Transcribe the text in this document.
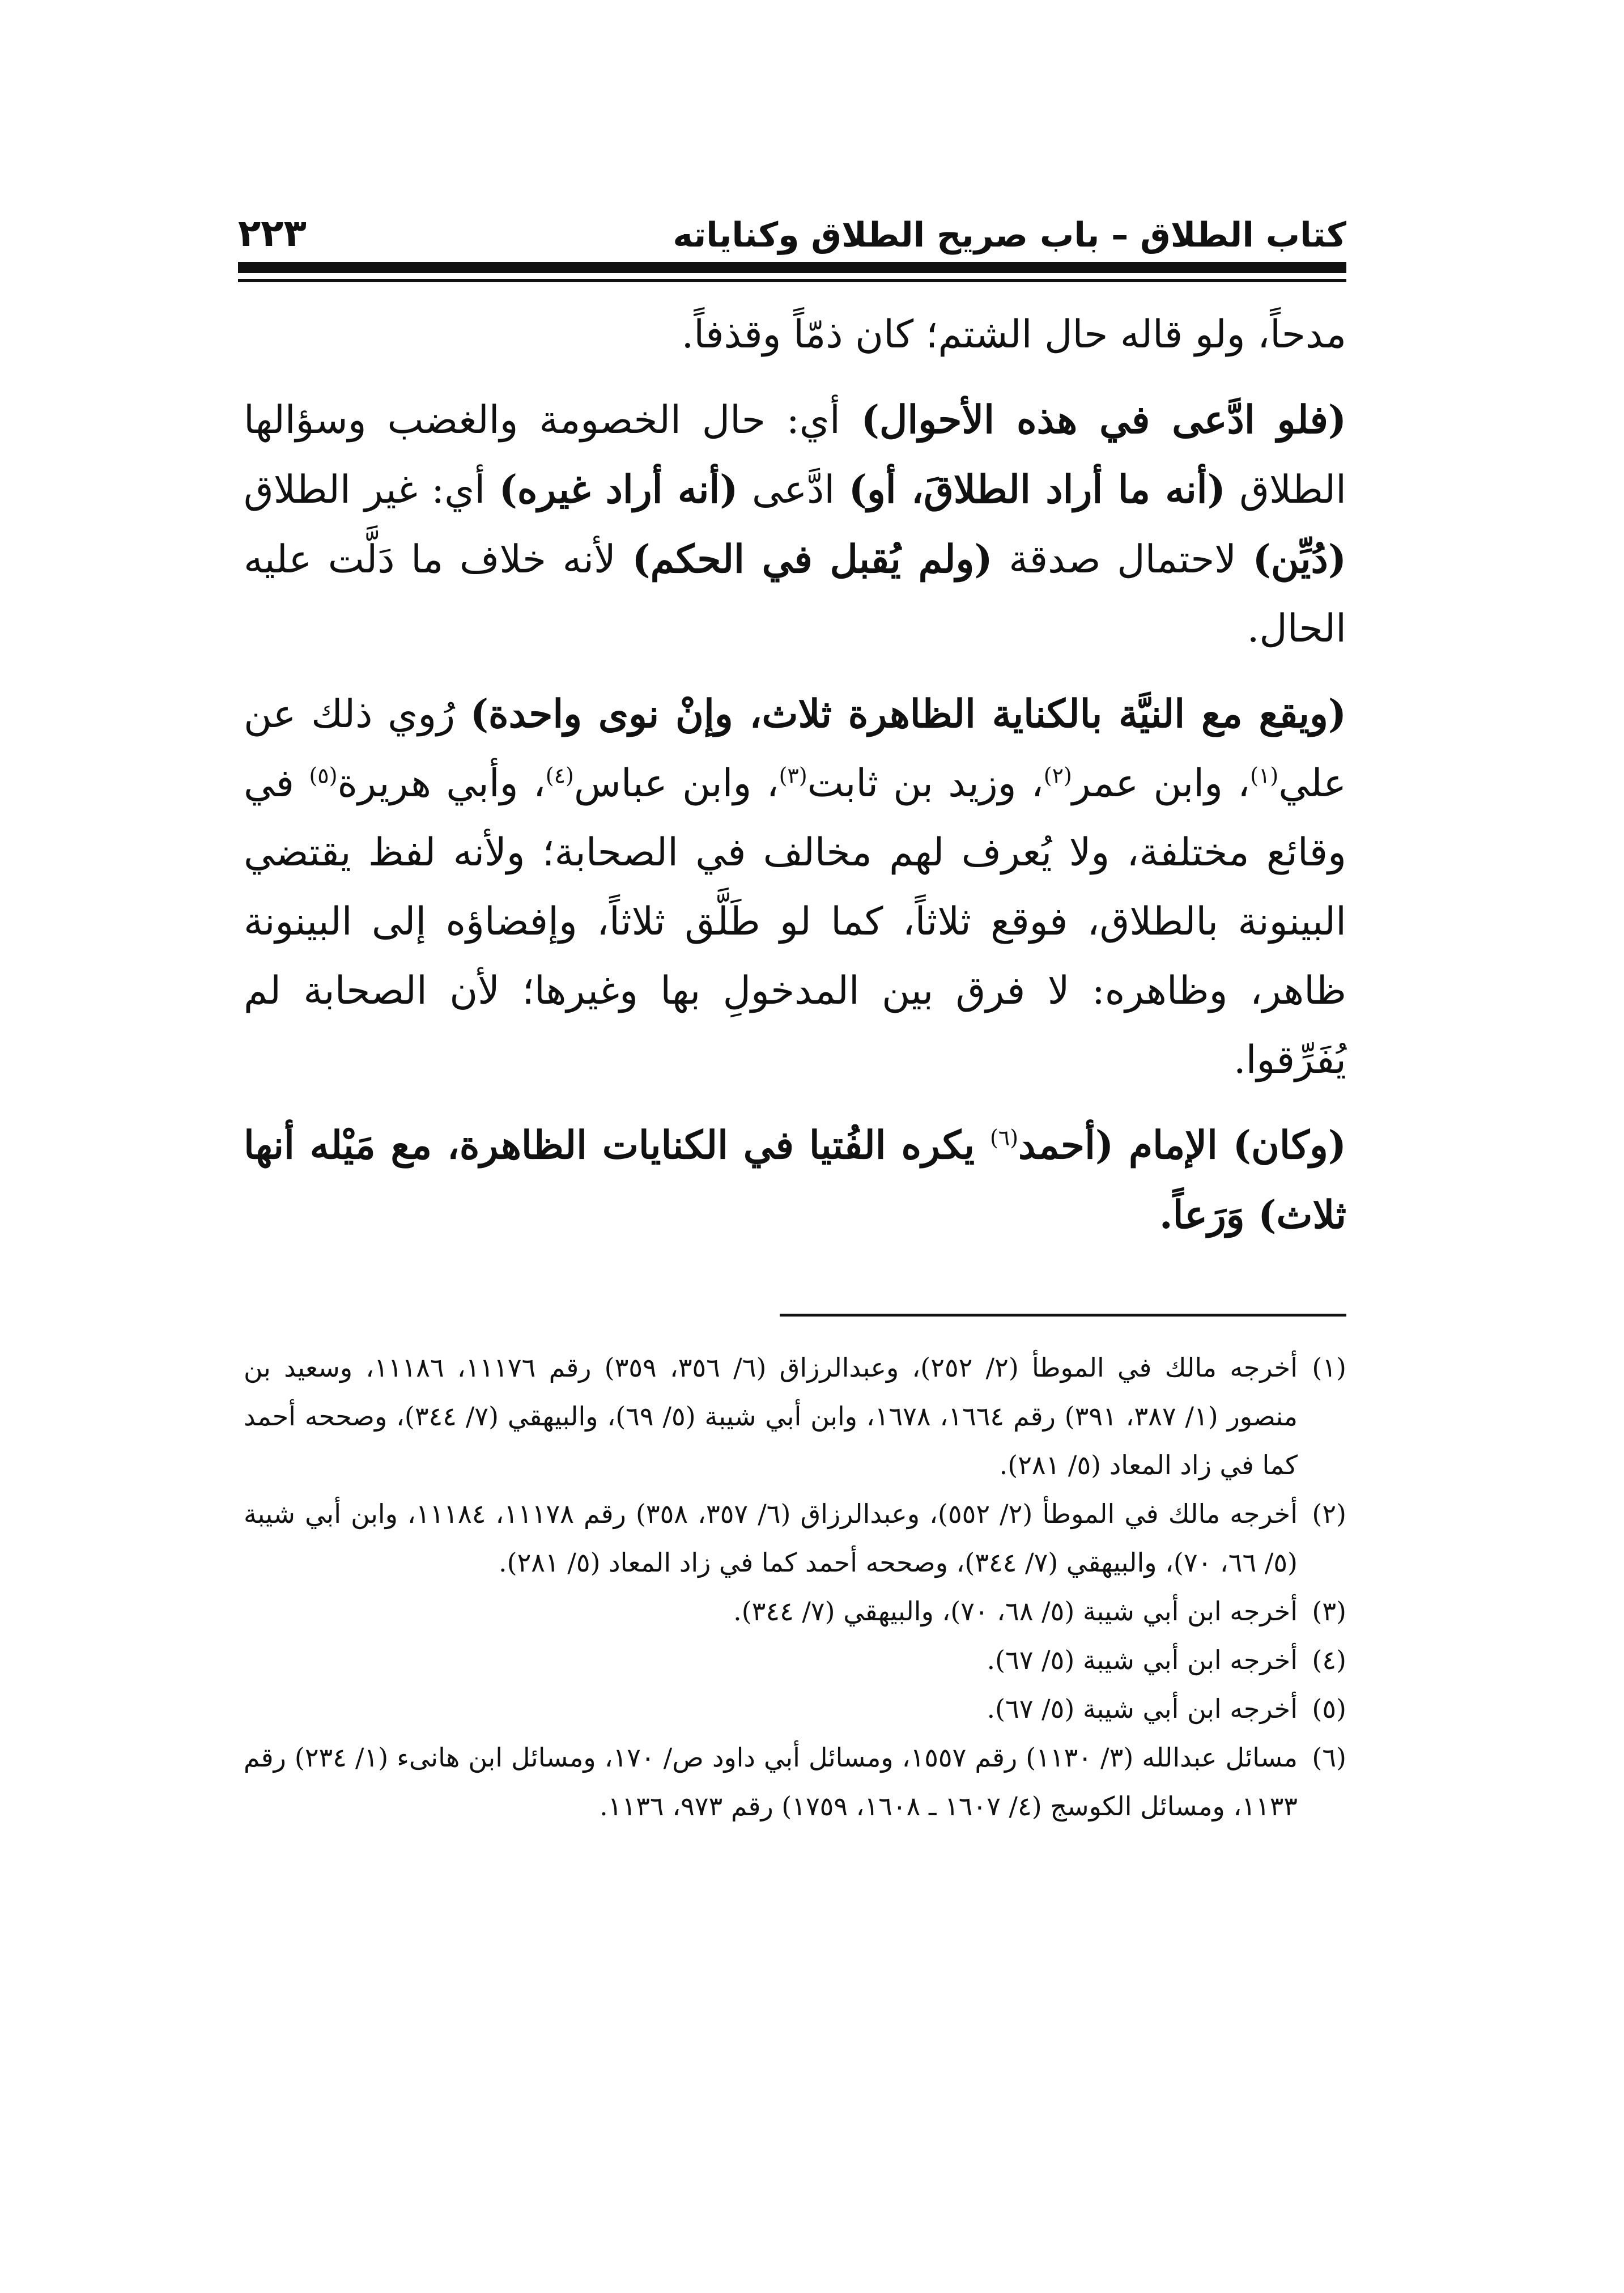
كتاب الطلاق – باب صريح الطلاق وكناياته
٢٢٣

مدحاً، ولو قاله حال الشتم؛ كان ذمّاً وقذفاً.

(فلو ادَّعى في هذه الأحوال) أي: حال الخصومة والغضب وسؤالها الطلاق (أنه ما أراد الطلاقَ، أو) ادَّعى (أنه أراد غيره) أي: غير الطلاق (دُيِّن) لاحتمال صدقة (ولم يُقبل في الحكم) لأنه خلاف ما دَلَّت عليه الحال.

(ويقع مع النيَّة بالكناية الظاهرة ثلاث، وإنْ نوى واحدة) رُوي ذلك عن علي$^{(١)}$، وابن عمر$^{(٢)}$، وزيد بن ثابت$^{(٣)}$، وابن عباس$^{(٤)}$، وأبي هريرة$^{(٥)}$ في وقائع مختلفة، ولا يُعرف لهم مخالف في الصحابة؛ ولأنه لفظ يقتضي البينونة بالطلاق، فوقع ثلاثاً، كما لو طَلَّق ثلاثاً، وإفضاؤه إلى البينونة ظاهر، وظاهره: لا فرق بين المدخولِ بها وغيرها؛ لأن الصحابة لم يُفَرِّقوا.

(وكان) الإمام (أحمد$^{(٦)}$ يكره الفُتيا في الكنايات الظاهرة، مع مَيْله أنها ثلاث) وَرَعاً.

(١)
أخرجه مالك في الموطأ (٢/ ٢٥٢)، وعبدالرزاق (٦/ ٣٥٦، ٣٥٩) رقم ١١١٧٦، ١١١٨٦، وسعيد بن منصور (١/ ٣٨٧، ٣٩١) رقم ١٦٦٤، ١٦٧٨، وابن أبي شيبة (٥/ ٦٩)، والبيهقي (٧/ ٣٤٤)، وصححه أحمد كما في زاد المعاد (٥/ ٢٨١).
(٢)
أخرجه مالك في الموطأ (٢/ ٥٥٢)، وعبدالرزاق (٦/ ٣٥٧، ٣٥٨) رقم ١١١٧٨، ١١١٨٤، وابن أبي شيبة (٥/ ٦٦، ٧٠)، والبيهقي (٧/ ٣٤٤)، وصححه أحمد كما في زاد المعاد (٥/ ٢٨١).
(٣)
أخرجه ابن أبي شيبة (٥/ ٦٨، ٧٠)، والبيهقي (٧/ ٣٤٤).
(٤)
أخرجه ابن أبي شيبة (٥/ ٦٧).
(٥)
أخرجه ابن أبي شيبة (٥/ ٦٧).
(٦)
مسائل عبدالله (٣/ ١١٣٠) رقم ١٥٥٧، ومسائل أبي داود ص/ ١٧٠، ومسائل ابن هانىء (١/ ٢٣٤) رقم ١١٣٣، ومسائل الكوسج (٤/ ١٦٠٧ ـ ١٦٠٨، ١٧٥٩) رقم ٩٧٣، ١١٣٦.
